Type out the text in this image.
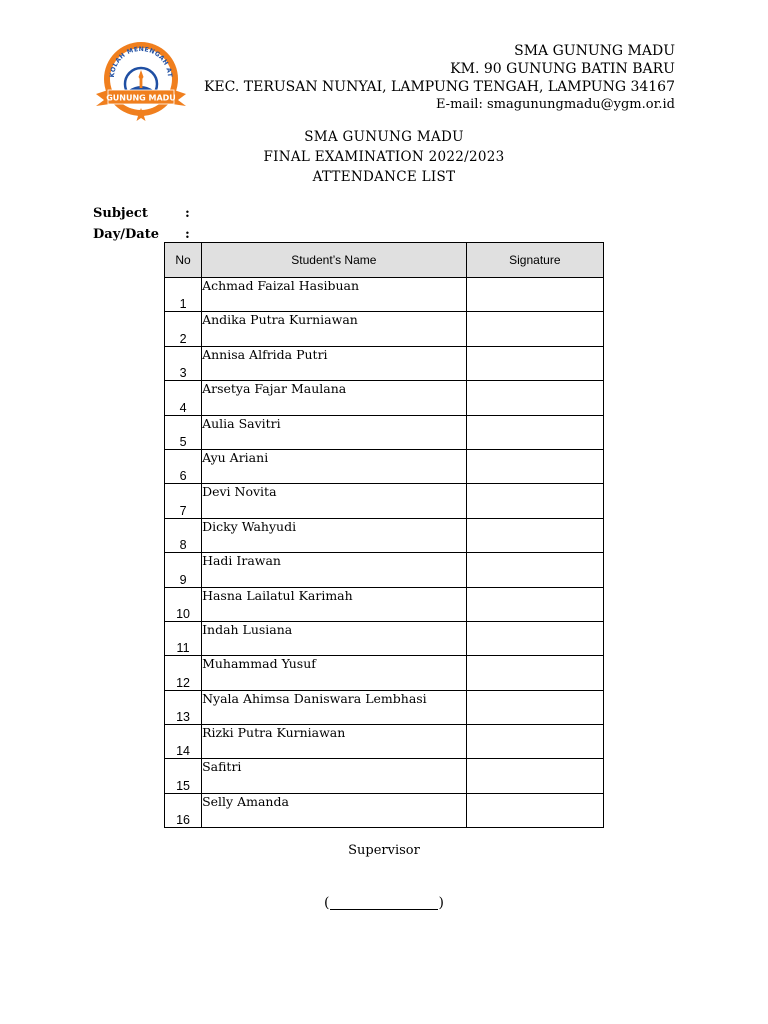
KOLAH MENENGAH AT
GUNUNG MADU
SMA GUNUNG MADU
KM. 90 GUNUNG BATIN BARU
KEC. TERUSAN NUNYAI, LAMPUNG TENGAH, LAMPUNG 34167
E-mail: smagunungmadu@ygm.or.id
SMA GUNUNG MADU
FINAL EXAMINATION 2022/2023
ATTENDANCE LIST
Subject	:
Day/Date	:
No	Student’s Name	Signature
1	Achmad Faizal Hasibuan	
2	Andika Putra Kurniawan	
3	Annisa Alfrida Putri	
4	Arsetya Fajar Maulana	
5	Aulia Savitri	
6	Ayu Ariani	
7	Devi Novita	
8	Dicky Wahyudi	
9	Hadi Irawan	
10	Hasna Lailatul Karimah	
11	Indah Lusiana	
12	Muhammad Yusuf	
13	Nyala Ahimsa Daniswara Lembhasi	
14	Rizki Putra Kurniawan	
15	Safitri	
16	Selly Amanda	
Supervisor
(	)
